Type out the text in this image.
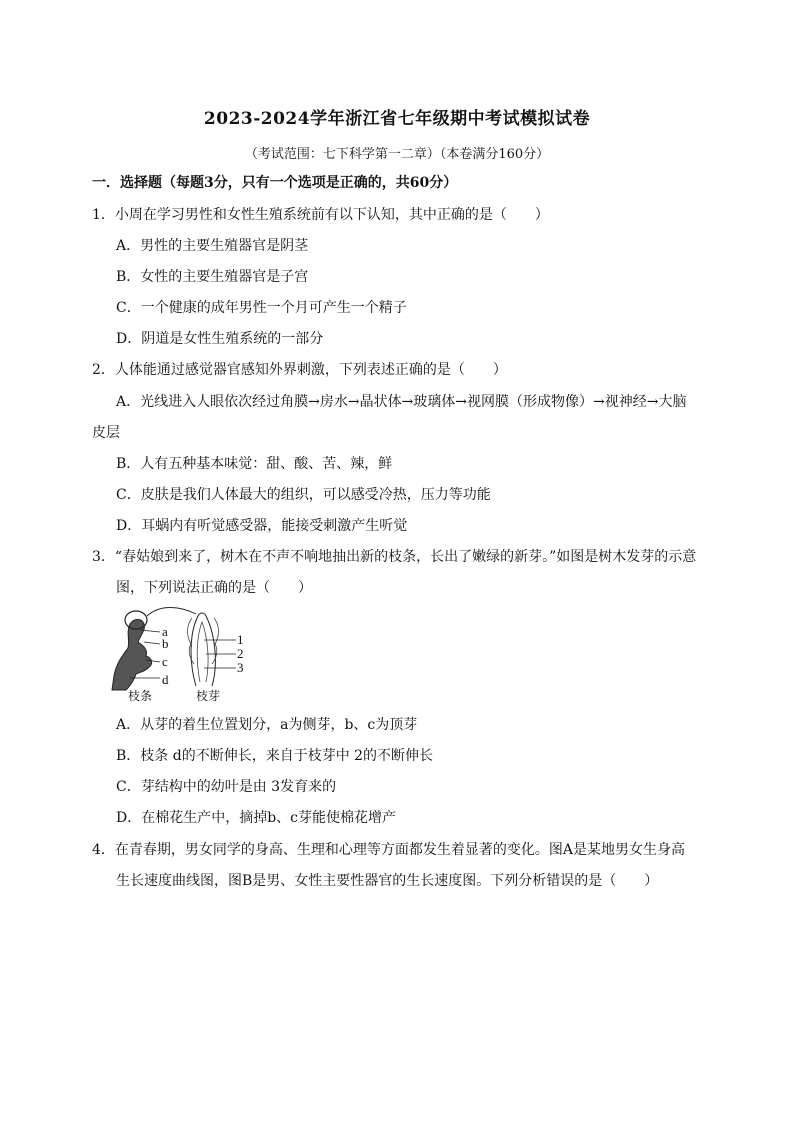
2023-2024学年浙江省七年级期中考试模拟试卷
（考试范围：七下科学第一二章）（本卷满分160分）
一．选择题（每题3分，只有一个选项是正确的，共60分）
1．小周在学习男性和女性生殖系统前有以下认知，其中正确的是（　　）
A．男性的主要生殖器官是阴茎
B．女性的主要生殖器官是子宫
C．一个健康的成年男性一个月可产生一个精子
D．阴道是女性生殖系统的一部分
2．人体能通过感觉器官感知外界刺激，下列表述正确的是（　　）
A．光线进入人眼依次经过角膜→房水→晶状体→玻璃体→视网膜（形成物像）→视神经→大脑
皮层
B．人有五种基本味觉：甜、酸、苦、辣，鲜
C．皮肤是我们人体最大的组织，可以感受冷热，压力等功能
D．耳蜗内有听觉感受器，能接受刺激产生听觉
3．“春姑娘到来了，树木在不声不响地抽出新的枝条，长出了嫩绿的新芽。”如图是树木发芽的示意
图，下列说法正确的是（　　）
a
b
c
d
枝条
1
2
3
枝芽
A．从芽的着生位置划分，a为侧芽，b、c为顶芽
B．枝条 d的不断伸长，来自于枝芽中 2的不断伸长
C．芽结构中的幼叶是由 3发育来的
D．在棉花生产中，摘掉b、c芽能使棉花增产
4．在青春期，男女同学的身高、生理和心理等方面都发生着显著的变化。图A是某地男女生身高
生长速度曲线图，图B是男、女性主要性器官的生长速度图。下列分析错误的是（　　）
